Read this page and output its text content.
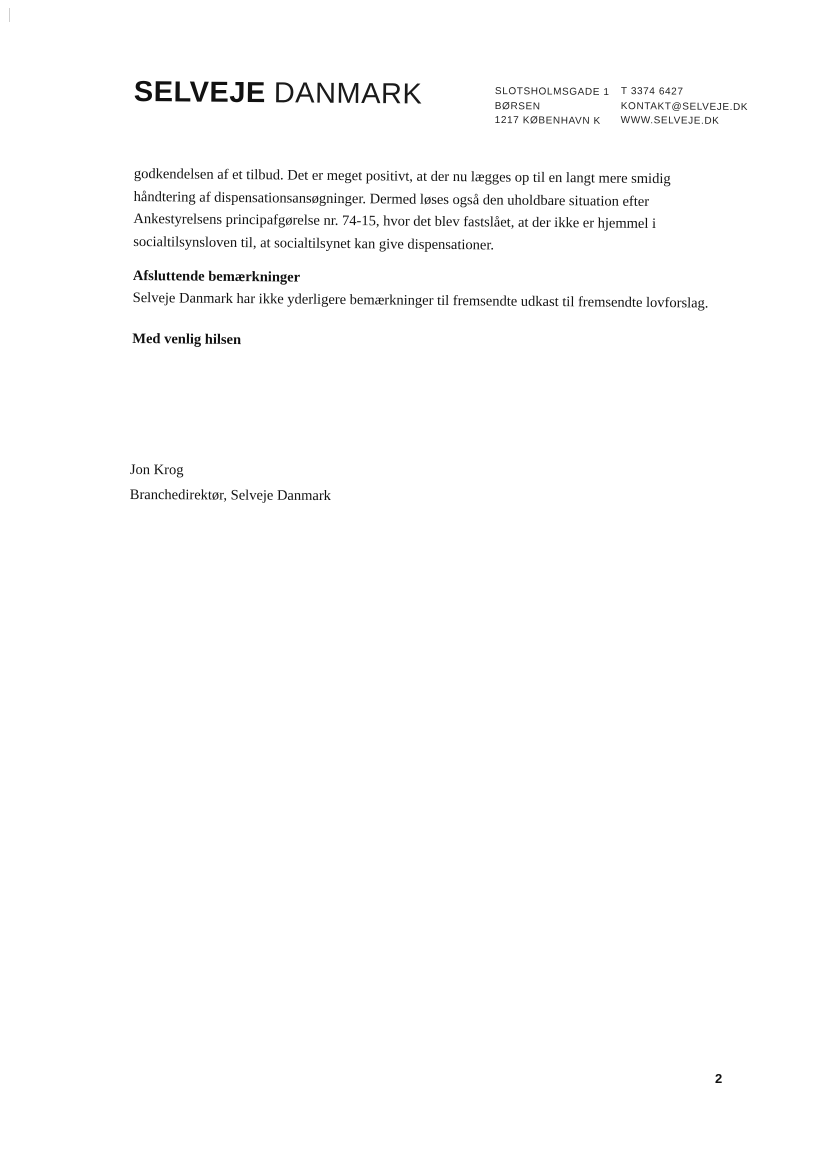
SELVEJE DANMARK	SLOTSHOLMSGADE 1
BØRSEN
1217 KØBENHAVN K
T 3374 6427
KONTAKT@SELVEJE.DK
WWW.SELVEJE.DK

godkendelsen af et tilbud. Det er meget positivt, at der nu lægges op til en langt mere smidig
håndtering af dispensationsansøgninger. Dermed løses også den uholdbare situation efter
Ankestyrelsens principafgørelse nr. 74-15, hvor det blev fastslået, at der ikke er hjemmel i
socialtilsynsloven til, at socialtilsynet kan give dispensationer.

Afsluttende bemærkninger

Selveje Danmark har ikke yderligere bemærkninger til fremsendte udkast til fremsendte lovforslag.

Med venlig hilsen
Jon Krog
Branchedirektør, Selveje Danmark
2
